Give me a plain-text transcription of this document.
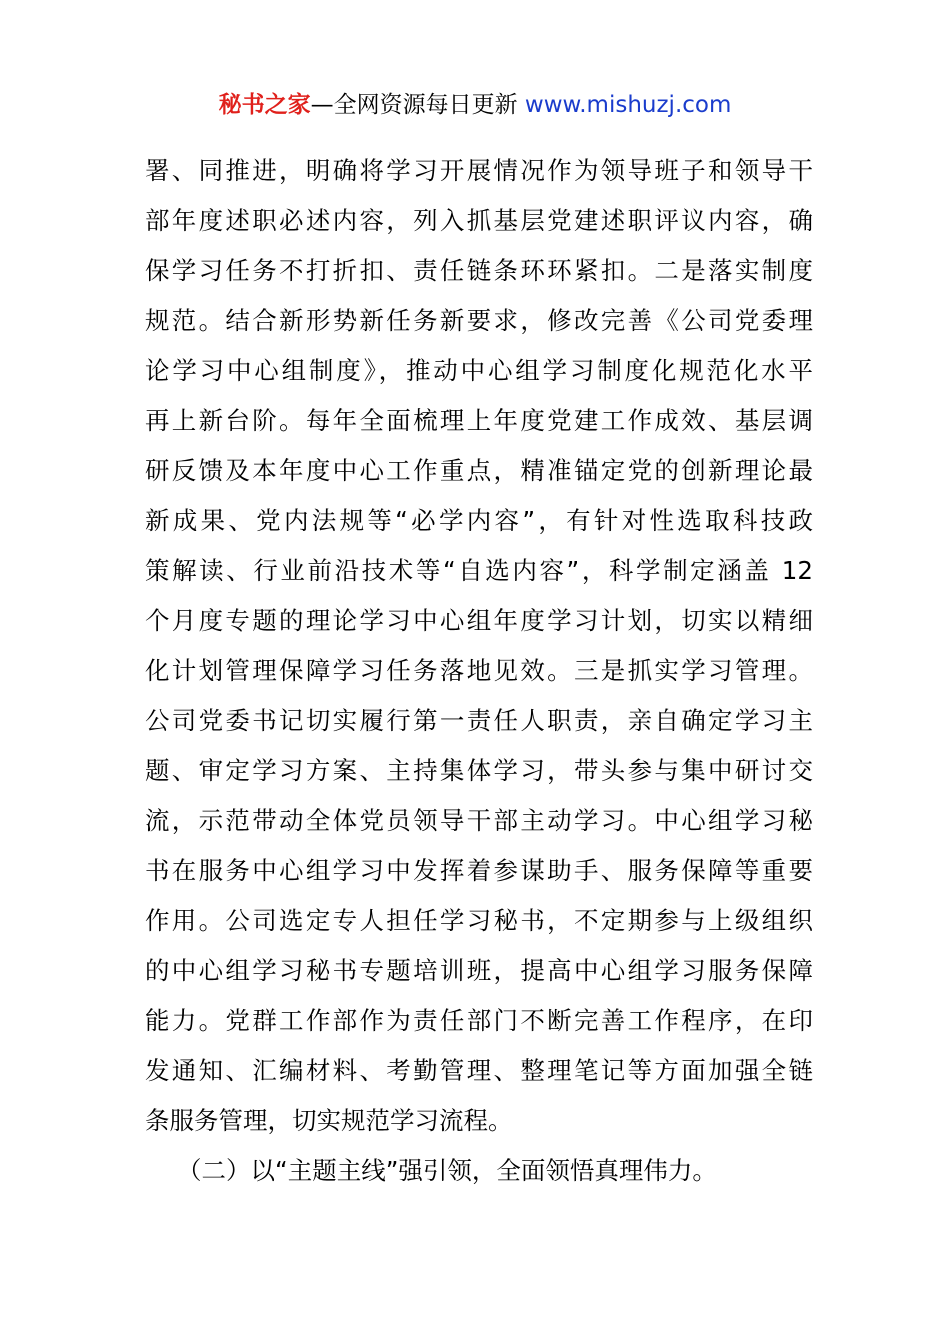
秘书之家—全网资源每日更新 www.mishuzj.com
署、同推进，明确将学习开展情况作为领导班子和领导干
部年度述职必述内容，列入抓基层党建述职评议内容，确
保学习任务不打折扣、责任链条环环紧扣。二是落实制度
规范。结合新形势新任务新要求，修改完善《公司党委理
论学习中心组制度》，推动中心组学习制度化规范化水平
再上新台阶。每年全面梳理上年度党建工作成效、基层调
研反馈及本年度中心工作重点，精准锚定党的创新理论最
新成果、党内法规等“必学内容”，有针对性选取科技政
策解读、行业前沿技术等“自选内容”，科学制定涵盖 12
个月度专题的理论学习中心组年度学习计划，切实以精细
化计划管理保障学习任务落地见效。三是抓实学习管理。
公司党委书记切实履行第一责任人职责，亲自确定学习主
题、审定学习方案、主持集体学习，带头参与集中研讨交
流，示范带动全体党员领导干部主动学习。中心组学习秘
书在服务中心组学习中发挥着参谋助手、服务保障等重要
作用。公司选定专人担任学习秘书，不定期参与上级组织
的中心组学习秘书专题培训班，提高中心组学习服务保障
能力。党群工作部作为责任部门不断完善工作程序，在印
发通知、汇编材料、考勤管理、整理笔记等方面加强全链
条服务管理，切实规范学习流程。
（二）以“主题主线”强引领，全面领悟真理伟力。
